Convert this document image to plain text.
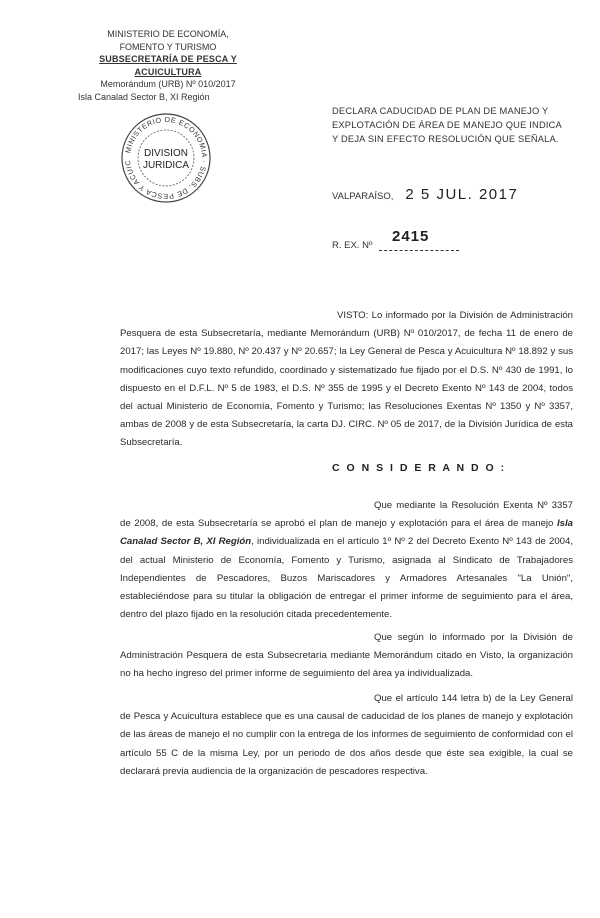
MINISTERIO DE ECONOMÍA,
FOMENTO Y TURISMO
SUBSECRETARÍA DE PESCA Y ACUICULTURA
Memorándum (URB) Nº 010/2017
Isla Canalad Sector B, XI Región
MINISTERIO DE ECONOMIA · SUBS. DE PESCA Y ACUIC
DIVISION
JURIDICA
DECLARA CADUCIDAD DE PLAN DE MANEJO Y EXPLOTACIÓN DE ÁREA DE MANEJO QUE INDICA Y DEJA SIN EFECTO RESOLUCIÓN QUE SEÑALA.
VALPARAÍSO, 2 5 JUL. 2017
R. EX. Nº
2415
VISTO: Lo informado por la División de Administración Pesquera de esta Subsecretaría, mediante Memorándum (URB) Nº 010/2017, de fecha 11 de enero de 2017; las Leyes Nº 19.880, Nº 20.437 y Nº 20.657; la Ley General de Pesca y Acuicultura Nº 18.892 y sus modificaciones cuyo texto refundido, coordinado y sistematizado fue fijado por el D.S. Nº 430 de 1991, lo dispuesto en el D.F.L. Nº 5 de 1983, el D.S. Nº 355 de 1995 y el Decreto Exento Nº 143 de 2004, todos del actual Ministerio de Economía, Fomento y Turismo; las Resoluciones Exentas Nº 1350 y Nº 3357, ambas de 2008 y de esta Subsecretaría, la carta DJ. CIRC. Nº 05 de 2017, de la División Jurídica de esta Subsecretaría.
C O N S I D E R A N D O :
Que mediante la Resolución Exenta Nº 3357 de 2008, de esta Subsecretaría se aprobó el plan de manejo y explotación para el área de manejo Isla Canalad Sector B, XI Región, individualizada en el artículo 1º Nº 2 del Decreto Exento Nº 143 de 2004, del actual Ministerio de Economía, Fomento y Turismo, asignada al Sindicato de Trabajadores Independientes de Pescadores, Buzos Mariscadores y Armadores Artesanales "La Unión", estableciéndose para su titular la obligación de entregar el primer informe de seguimiento para el área, dentro del plazo fijado en la resolución citada precedentemente.
Que según lo informado por la División de Administración Pesquera de esta Subsecretaría mediante Memorándum citado en Visto, la organización no ha hecho ingreso del primer informe de seguimiento del área ya individualizada.
Que el artículo 144 letra b) de la Ley General de Pesca y Acuicultura establece que es una causal de caducidad de los planes de manejo y explotación de las áreas de manejo el no cumplir con la entrega de los informes de seguimiento de conformidad con el artículo 55 C de la misma Ley, por un periodo de dos años desde que éste sea exigible, la cual se declarará previa audiencia de la organización de pescadores respectiva.
